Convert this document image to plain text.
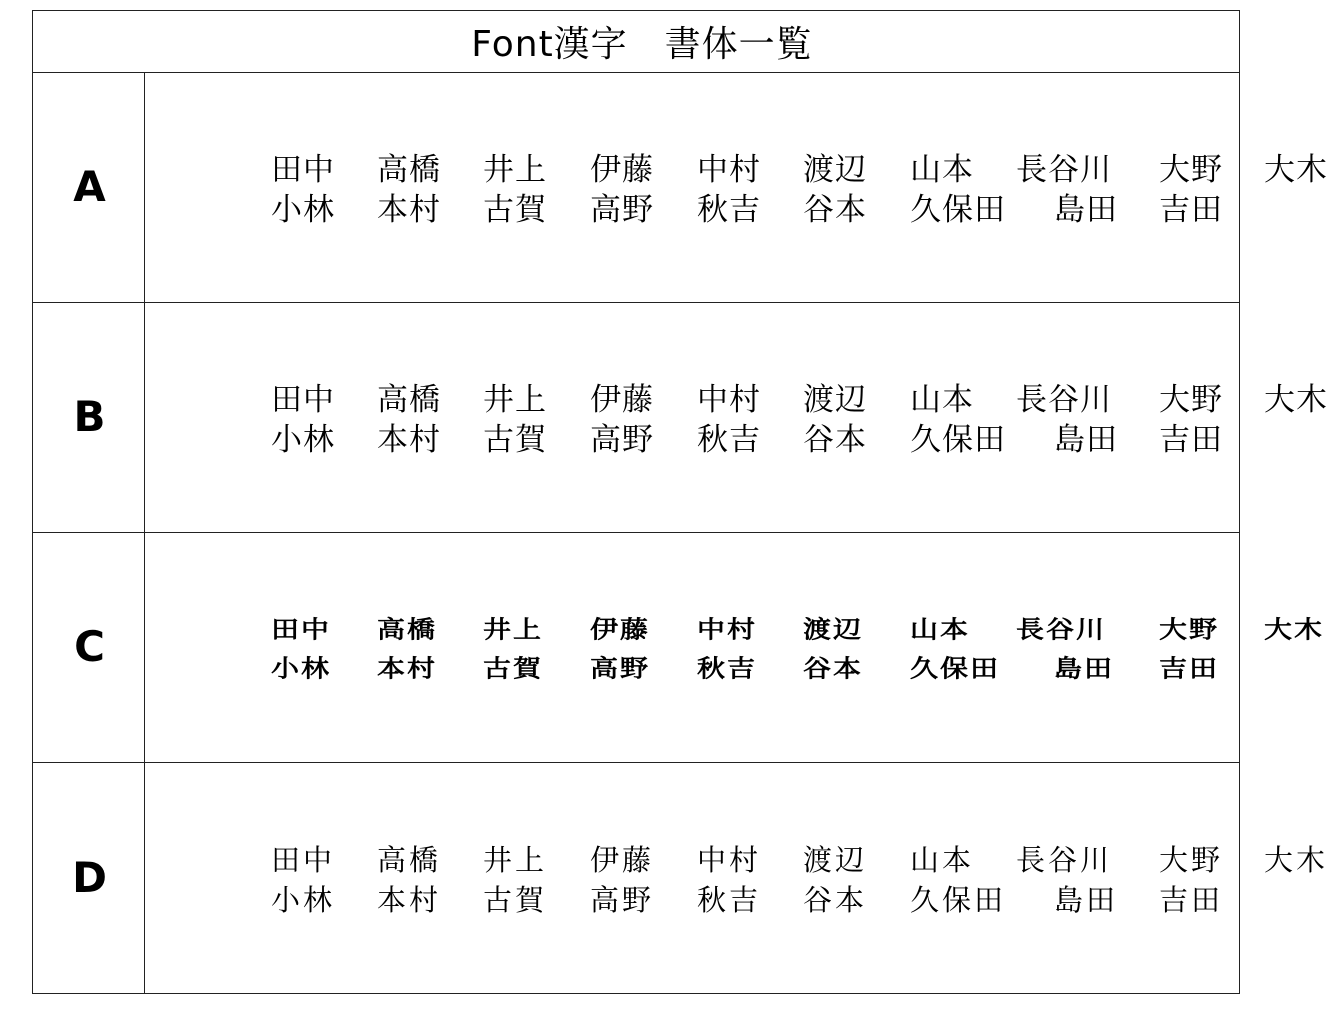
Font漢字　書体一覧
A	田中 高橋 井上 伊藤 中村 渡辺 山本 長谷川 大野 大木
小林 本村 古賀 高野 秋吉 谷本 久保田 島田 吉田
B	田中 高橋 井上 伊藤 中村 渡辺 山本 長谷川 大野 大木
小林 本村 古賀 高野 秋吉 谷本 久保田 島田 吉田
C	田中 高橋 井上 伊藤 中村 渡辺 山本 長谷川 大野 大木
小林 本村 古賀 高野 秋吉 谷本 久保田 島田 吉田
D	田中 高橋 井上 伊藤 中村 渡辺 山本 長谷川 大野 大木
小林 本村 古賀 高野 秋吉 谷本 久保田 島田 吉田
